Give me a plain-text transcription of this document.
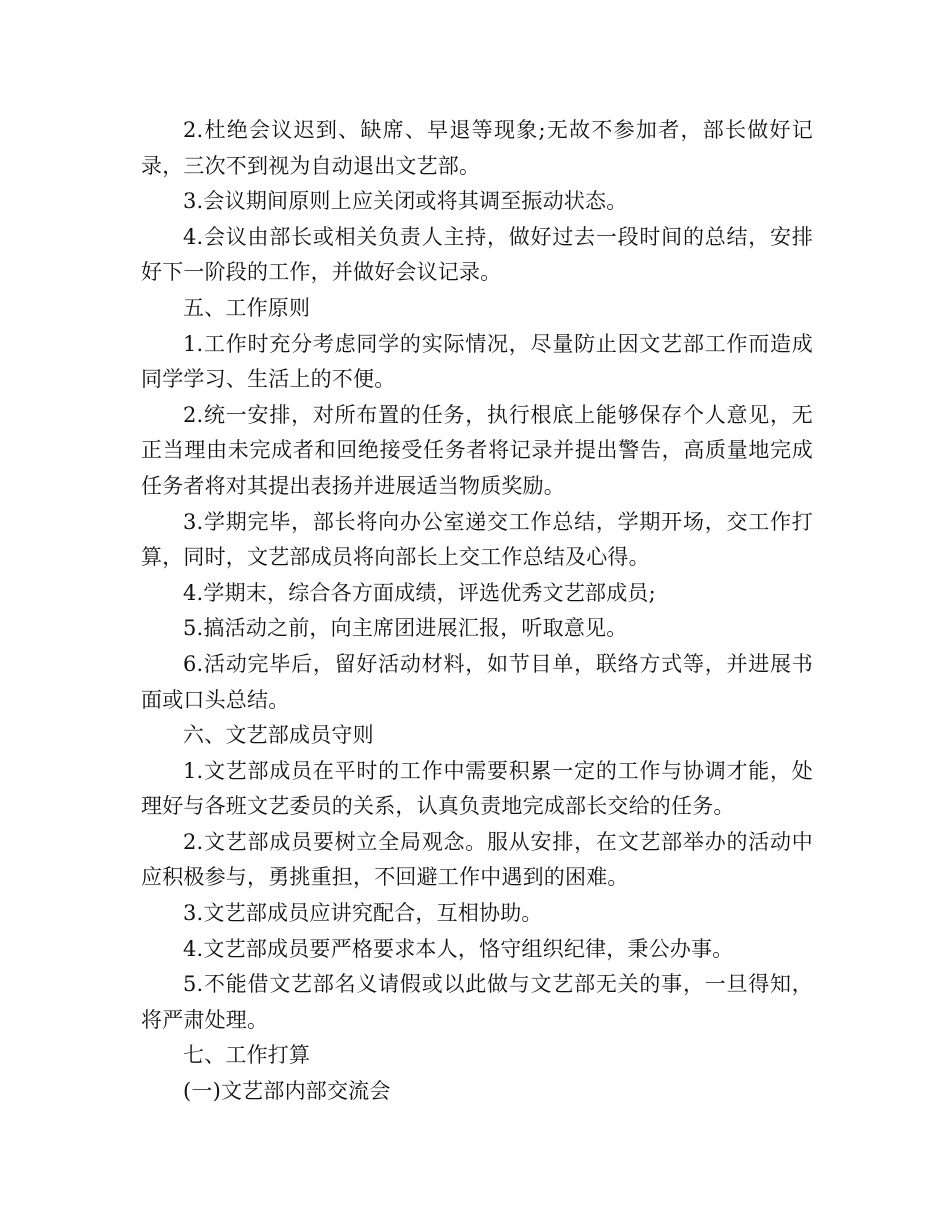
2.杜绝会议迟到、缺席、早退等现象;无故不参加者，部长做好记录，三次不到视为自动退出文艺部。

3.会议期间原则上应关闭或将其调至振动状态。

4.会议由部长或相关负责人主持，做好过去一段时间的总结，安排好下一阶段的工作，并做好会议记录。

五、工作原则

1.工作时充分考虑同学的实际情况，尽量防止因文艺部工作而造成同学学习、生活上的不便。

2.统一安排，对所布置的任务，执行根底上能够保存个人意见，无正当理由未完成者和回绝接受任务者将记录并提出警告，高质量地完成任务者将对其提出表扬并进展适当物质奖励。

3.学期完毕，部长将向办公室递交工作总结，学期开场，交工作打算，同时，文艺部成员将向部长上交工作总结及心得。

4.学期末，综合各方面成绩，评选优秀文艺部成员;

5.搞活动之前，向主席团进展汇报，听取意见。

6.活动完毕后，留好活动材料，如节目单，联络方式等，并进展书面或口头总结。

六、文艺部成员守则

1.文艺部成员在平时的工作中需要积累一定的工作与协调才能，处理好与各班文艺委员的关系，认真负责地完成部长交给的任务。

2.文艺部成员要树立全局观念。服从安排，在文艺部举办的活动中应积极参与，勇挑重担，不回避工作中遇到的困难。

3.文艺部成员应讲究配合，互相协助。

4.文艺部成员要严格要求本人，恪守组织纪律，秉公办事。

5.不能借文艺部名义请假或以此做与文艺部无关的事，一旦得知，将严肃处理。

七、工作打算

(一)文艺部内部交流会
